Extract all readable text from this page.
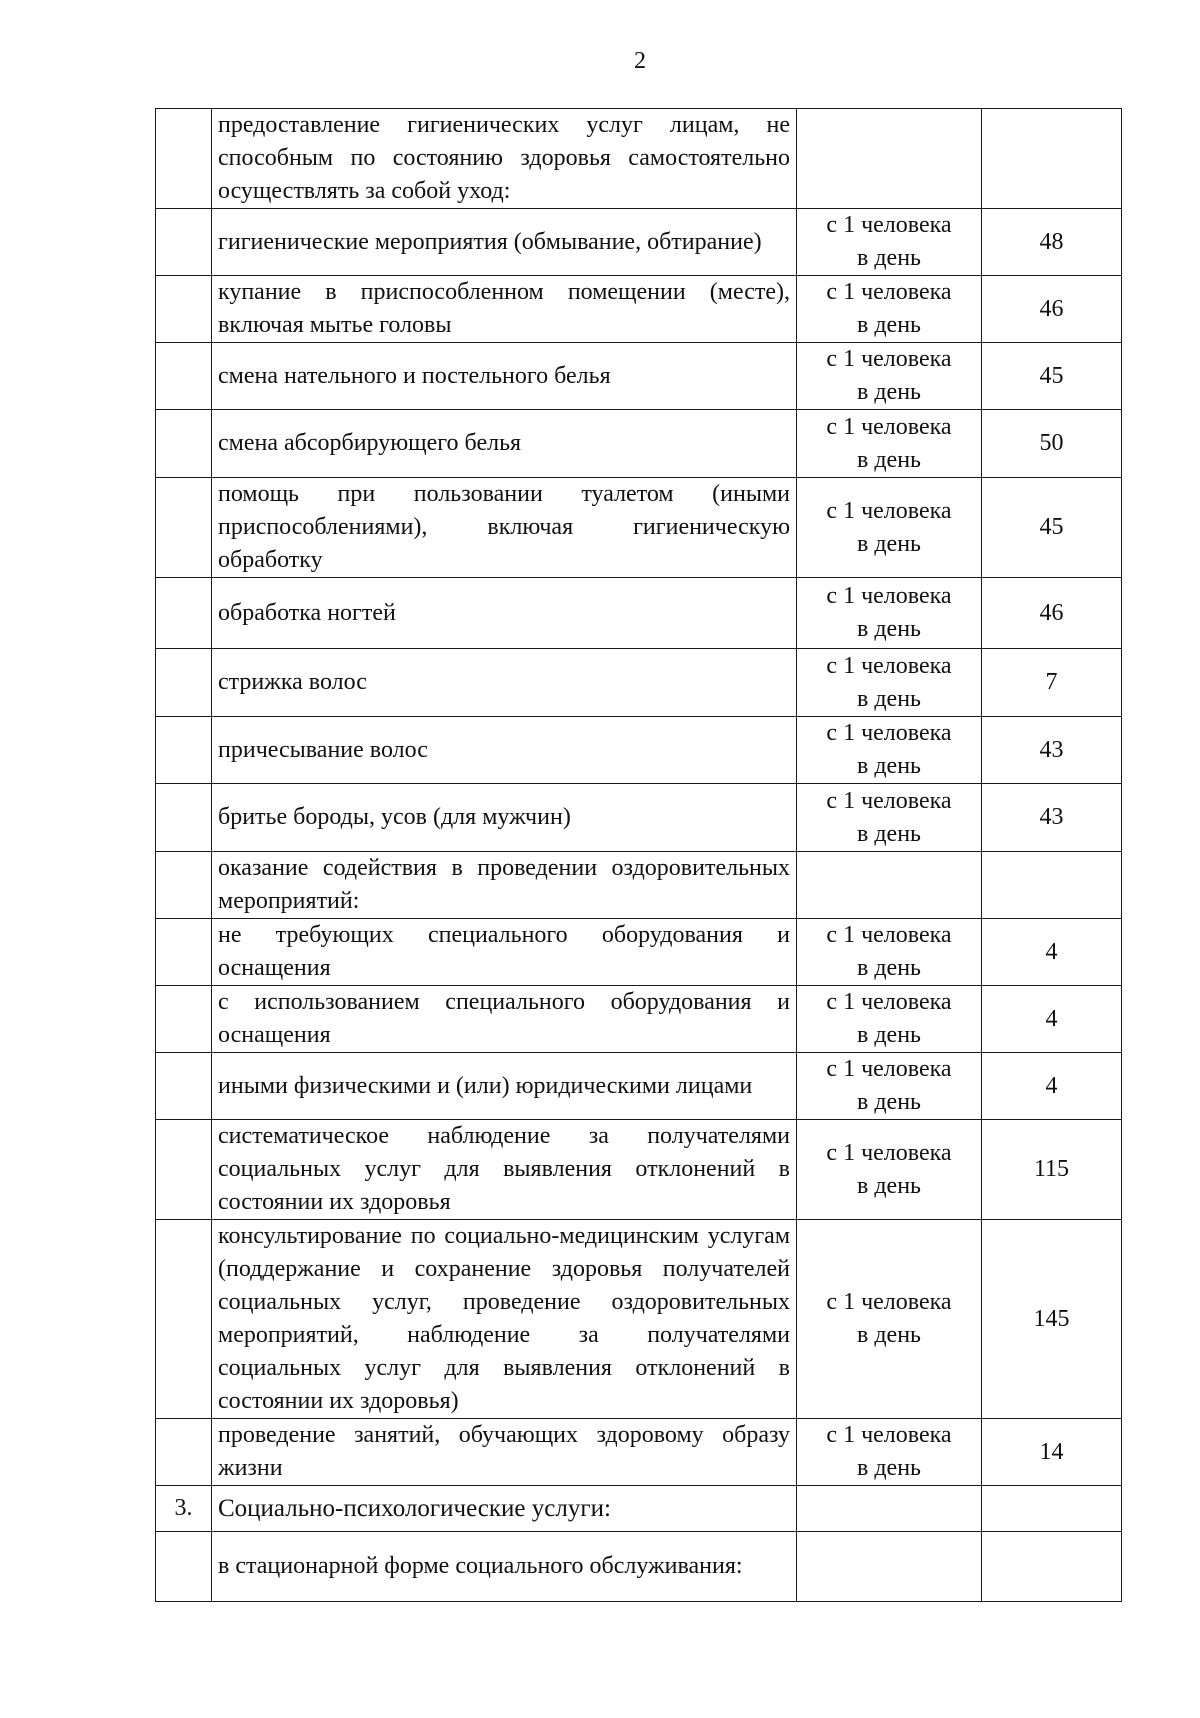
2
	предоставление гигиенических услуг лицам, не способным по состоянию здоровья самостоятельно осуществлять за собой уход:	

	гигиенические мероприятия (обмывание, обтирание)	с 1 человека
в день	48
	купание в приспособленном помещении (месте), включая мытье головы	с 1 человека
в день	46
	смена нательного и постельного белья	с 1 человека
в день	45
	смена абсорбирующего белья	с 1 человека
в день	50
	помощь при пользовании туалетом (иными приспособлениями), включая гигиеническую обработку	с 1 человека
в день	45
	обработка ногтей	с 1 человека
в день	46
	стрижка волос	с 1 человека
в день	7
	причесывание волос	с 1 человека
в день	43
	бритье бороды, усов (для мужчин)	с 1 человека
в день	43
	оказание содействия в проведении оздоровительных мероприятий:	

	не требующих специального оборудования и оснащения	с 1 человека
в день	4
	с использованием специального оборудования и оснащения	с 1 человека
в день	4
	иными физическими и (или) юридическими лицами	с 1 человека
в день	4
	систематическое наблюдение за получателями социальных услуг для выявления отклонений в состоянии их здоровья	с 1 человека
в день	115
	консультирование по социально-медицинским услугам (поддержание и сохранение здоровья получателей социальных услуг, проведение оздоровительных мероприятий, наблюдение за получателями социальных услуг для выявления отклонений в состоянии их здоровья)	с 1 человека
в день	145
	проведение занятий, обучающих здоровому образу жизни	с 1 человека
в день	14
3.	Социально-психологические услуги:	

	в стационарной форме социального обслуживания:	
